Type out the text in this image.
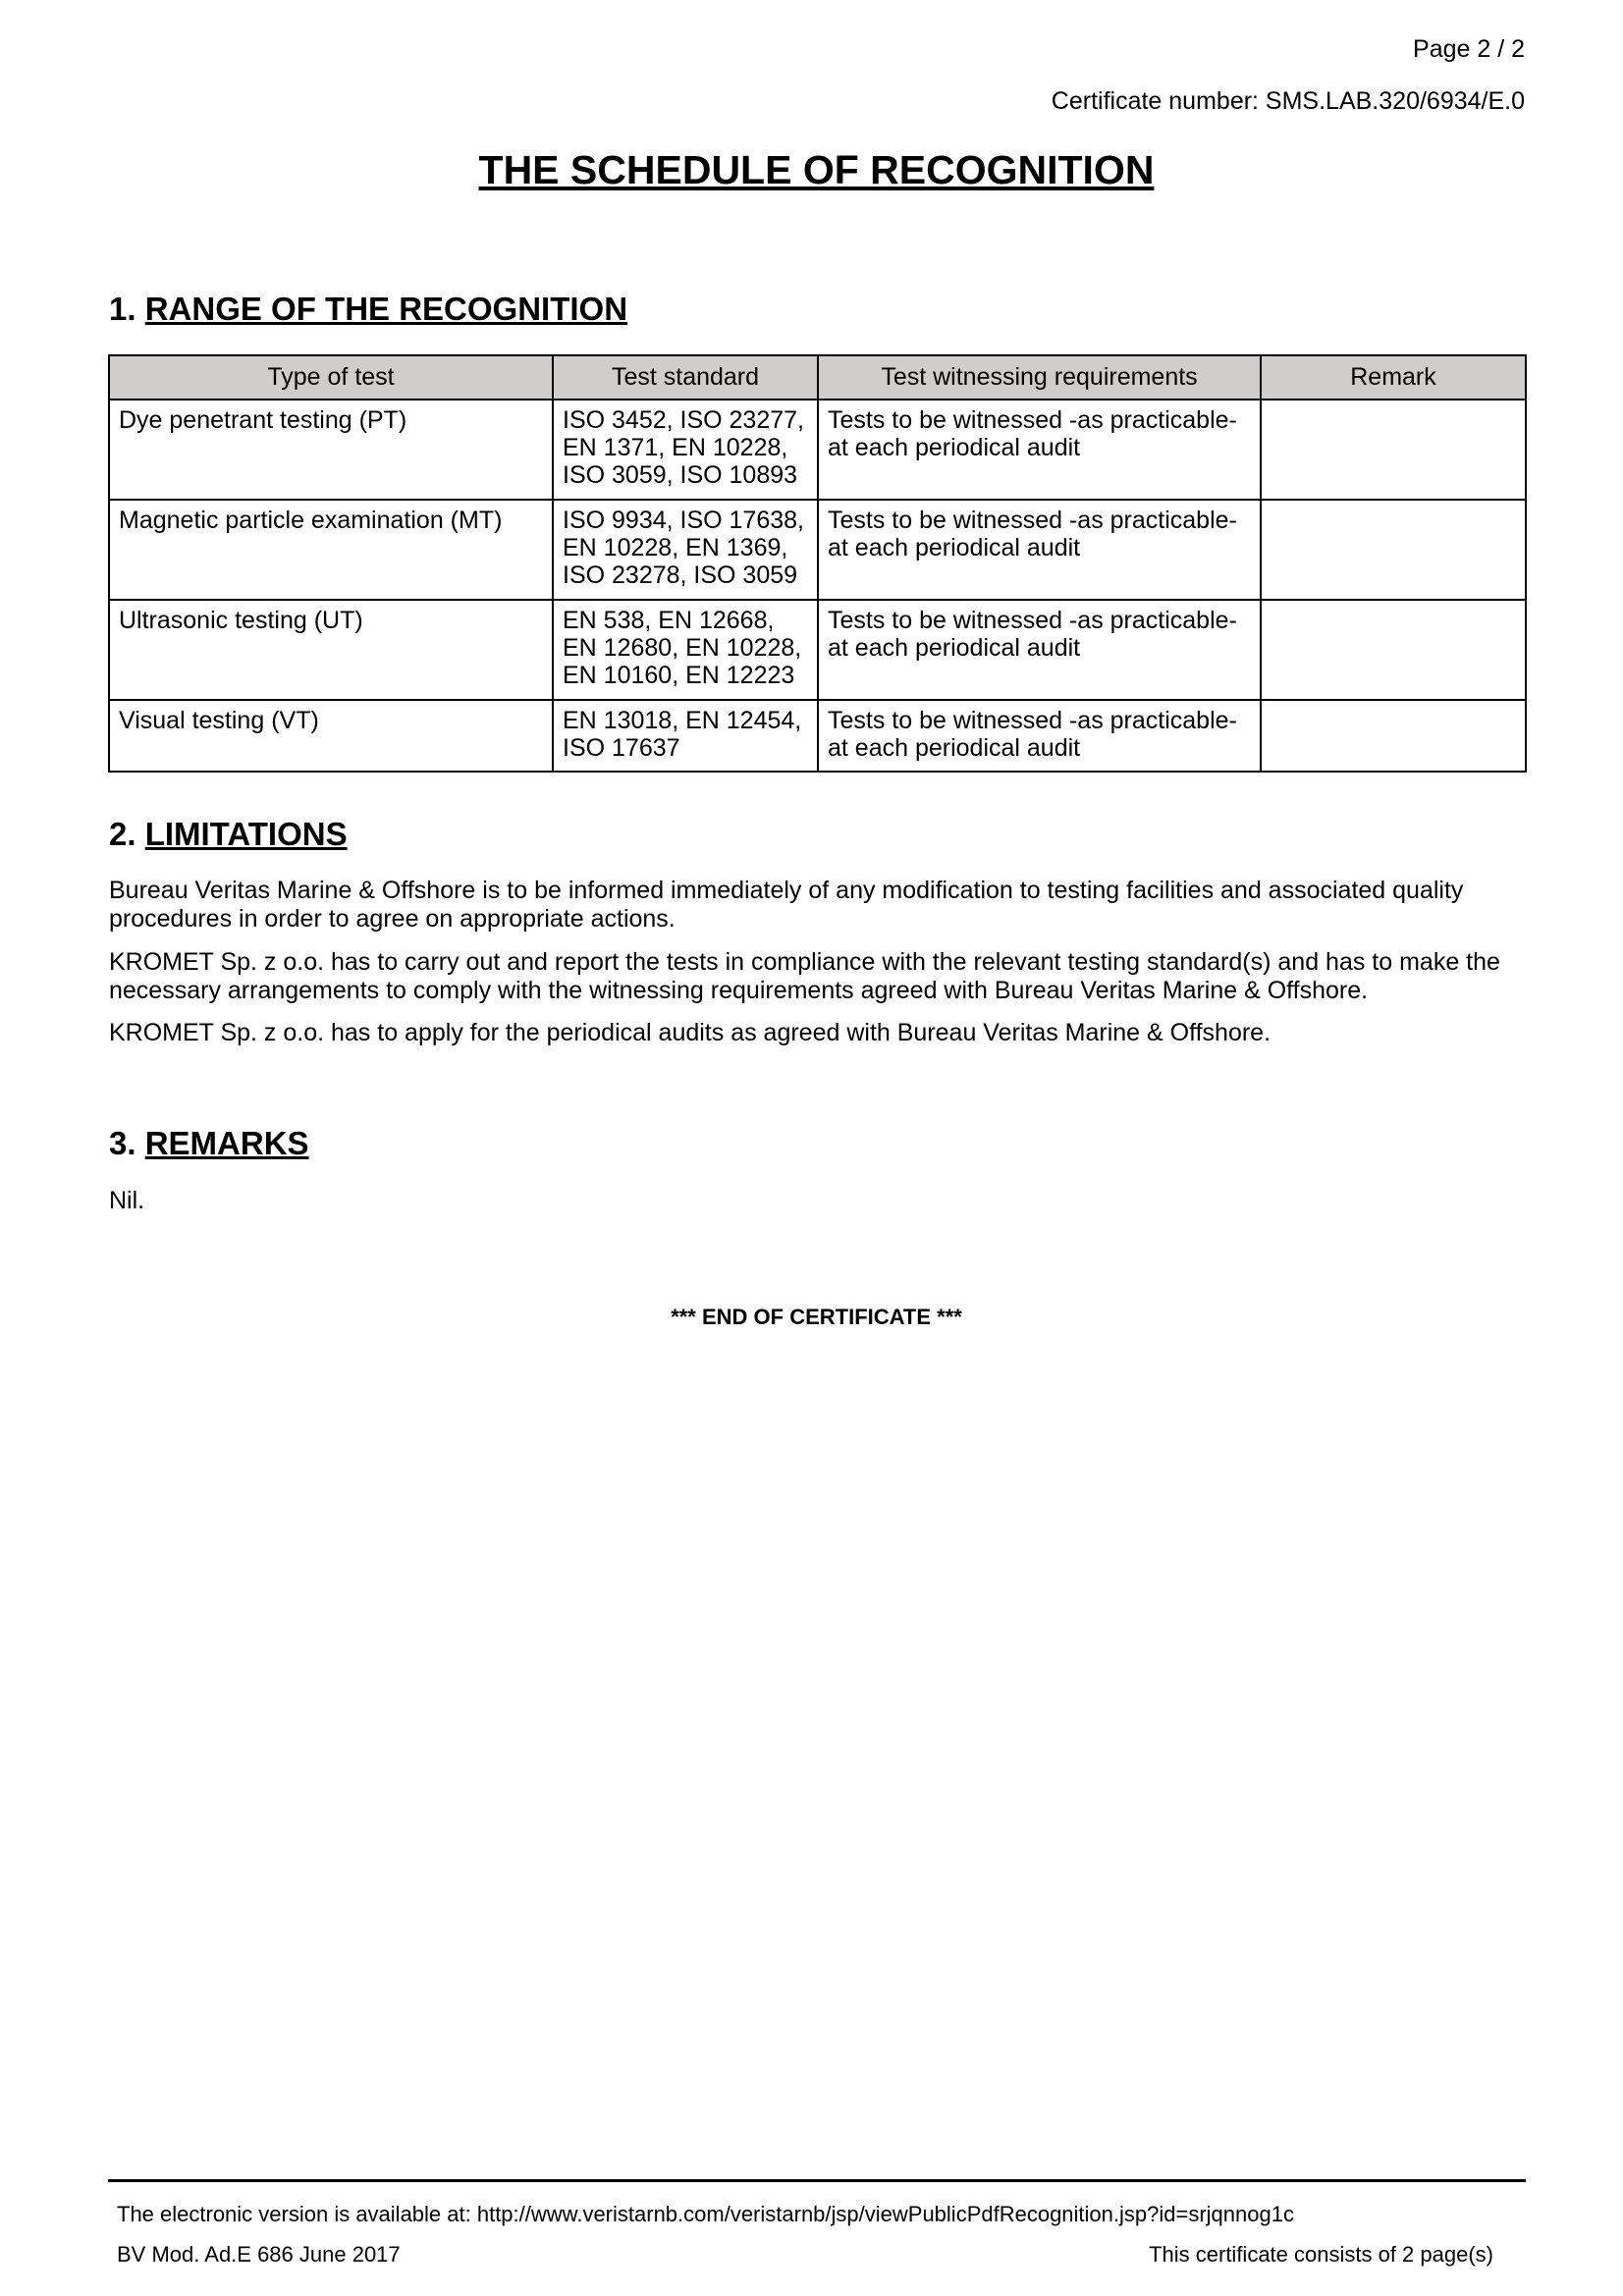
Page 2 / 2
Certificate number: SMS.LAB.320/6934/E.0
THE SCHEDULE OF RECOGNITION
1. RANGE OF THE RECOGNITION
Type of test	Test standard	Test witnessing requirements	Remark
Dye penetrant testing (PT)	ISO 3452, ISO 23277,
EN 1371, EN 10228,
ISO 3059, ISO 10893	Tests to be witnessed -as practicable-
at each periodical audit	
Magnetic particle examination (MT)	ISO 9934, ISO 17638,
EN 10228, EN 1369,
ISO 23278, ISO 3059	Tests to be witnessed -as practicable-
at each periodical audit	
Ultrasonic testing (UT)	EN 538, EN 12668,
EN 12680, EN 10228,
EN 10160, EN 12223	Tests to be witnessed -as practicable-
at each periodical audit	
Visual testing (VT)	EN 13018, EN 12454,
ISO 17637	Tests to be witnessed -as practicable-
at each periodical audit	
2. LIMITATIONS
Bureau Veritas Marine & Offshore is to be informed immediately of any modification to testing facilities and associated quality procedures in order to agree on appropriate actions.
KROMET Sp. z o.o. has to carry out and report the tests in compliance with the relevant testing standard(s) and has to make the necessary arrangements to comply with the witnessing requirements agreed with Bureau Veritas Marine & Offshore.
KROMET Sp. z o.o. has to apply for the periodical audits as agreed with Bureau Veritas Marine & Offshore.
3. REMARKS
Nil.
*** END OF CERTIFICATE ***
The electronic version is available at: http://www.veristarnb.com/veristarnb/jsp/viewPublicPdfRecognition.jsp?id=srjqnnog1c
BV Mod. Ad.E 686 June 2017	This certificate consists of 2 page(s)
